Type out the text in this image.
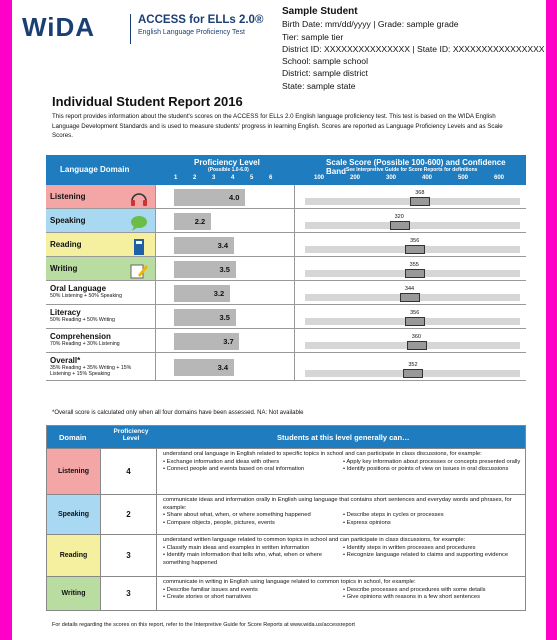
WiDA	ACCESS for ELLs 2.0®
English Language Proficiency Test
Sample Student
Birth Date: mm/dd/yyyy | Grade: sample grade
Tier: sample tier
District ID: XXXXXXXXXXXXXXX | State ID: XXXXXXXXXXXXXXXX
School: sample school
District: sample district
State: sample state
Individual Student Report 2016
This report provides information about the student's scores on the ACCESS for ELLs 2.0 English language proficiency test. This test is based on the WIDA English Language Development Standards and is used to measure students' progress in learning English. Scores are reported as Language Proficiency Levels and as Scale Scores.
Language Domain
Proficiency Level
(Possible 1.0-6.0)
1	2	3	4	5	6
Scale Score (Possible 100-600) and Confidence Band See Interpretive Guide for Score Reports for definitions
100	200	300	400	500	600
Listening	4.0	368
Speaking	2.2	320
Reading	3.4	356
Writing	3.5	355
Oral Language
50% Listening + 50% Speaking	3.2	344
Literacy
50% Reading + 50% Writing	3.5	356
Comprehension
70% Reading + 30% Listening	3.7	360
Overall*
35% Reading + 35% Writing + 15% Listening + 15% Speaking
3.4	352
*Overall score is calculated only when all four domains have been assessed. NA: Not available
Domain
Proficiency Level	Students at this level generally can…
Listening	4
understand oral language in English related to specific topics in school and can participate in class discussions, for example:
• Exchange information and ideas with others
• Connect people and events based on oral information
• Apply key information about processes or concepts presented orally
• Identify positions or points of view on issues in oral discussions
Speaking	2
communicate ideas and information orally in English using language that contains short sentences and everyday words and phrases, for example:
• Share about what, when, or where something happened
• Compare objects, people, pictures, events
• Describe steps in cycles or processes
• Express opinions
Reading	3
understand written language related to common topics in school and can participate in class discussions, for example:
• Classify main ideas and examples in written information
• Identify main information that tells who, what, when or where something happened
• Identify steps in written processes and procedures
• Recognize language related to claims and supporting evidence
Writing	3
communicate in writing in English using language related to common topics in school, for example:
• Describe familiar issues and events
• Create stories or short narratives
• Describe processes and procedures with some details
• Give opinions with reasons in a few short sentences
For details regarding the scores on this report, refer to the Interpretive Guide for Score Reports at www.wida.us/accessreport
